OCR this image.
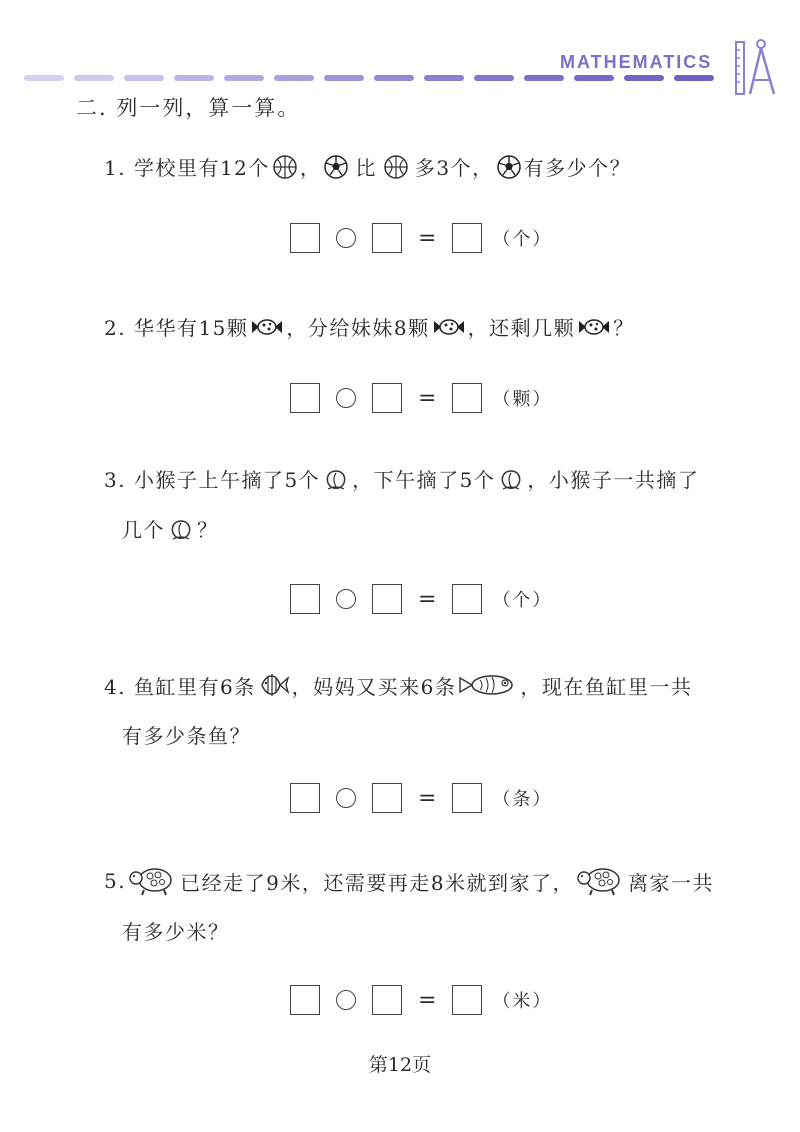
MATHEMATICS
二. 列一列，算一算。
1. 学校里有12个 ， 比 多3个， 有多少个？
=	（个）
2. 华华有15颗 ，分给妹妹8颗 ，还剩几颗 ？
=	（颗）
3. 小猴子上午摘了5个 ，下午摘了5个 ，小猴子一共摘了
几个 ？
=	（个）
4. 鱼缸里有6条 ，妈妈又买来6条	，现在鱼缸里一共
有多少条鱼？
=	（条）
5.	已经走了9米，还需要再走8米就到家了，	离家一共
有多少米？
=	（米）
第12页
